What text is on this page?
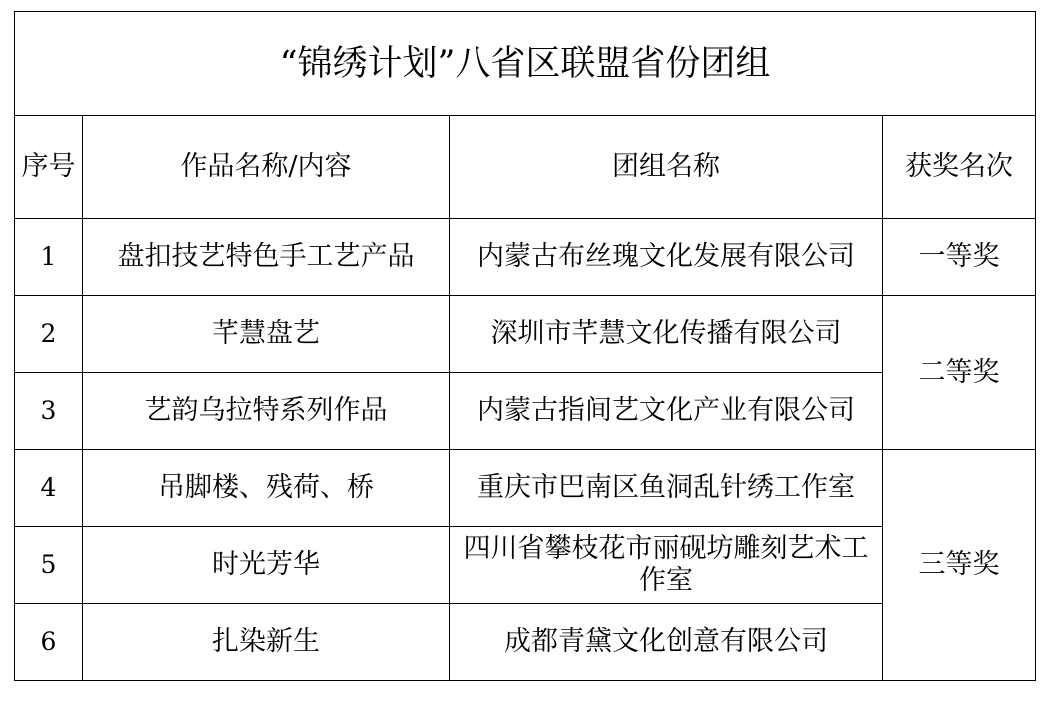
“锦绣计划”八省区联盟省份团组			
序号	作品名称/内容	团组名称	获奖名次
1	盘扣技艺特色手工艺产品	内蒙古布丝瑰文化发展有限公司	一等奖
2	芊慧盘艺	深圳市芊慧文化传播有限公司	二等奖
3	艺韵乌拉特系列作品	内蒙古指间艺文化产业有限公司	
4	吊脚楼、残荷、桥	重庆市巴南区鱼洞乱针绣工作室	三等奖
5	时光芳华	四川省攀枝花市丽砚坊雕刻艺术工作室	
6	扎染新生	成都青黛文化创意有限公司	
